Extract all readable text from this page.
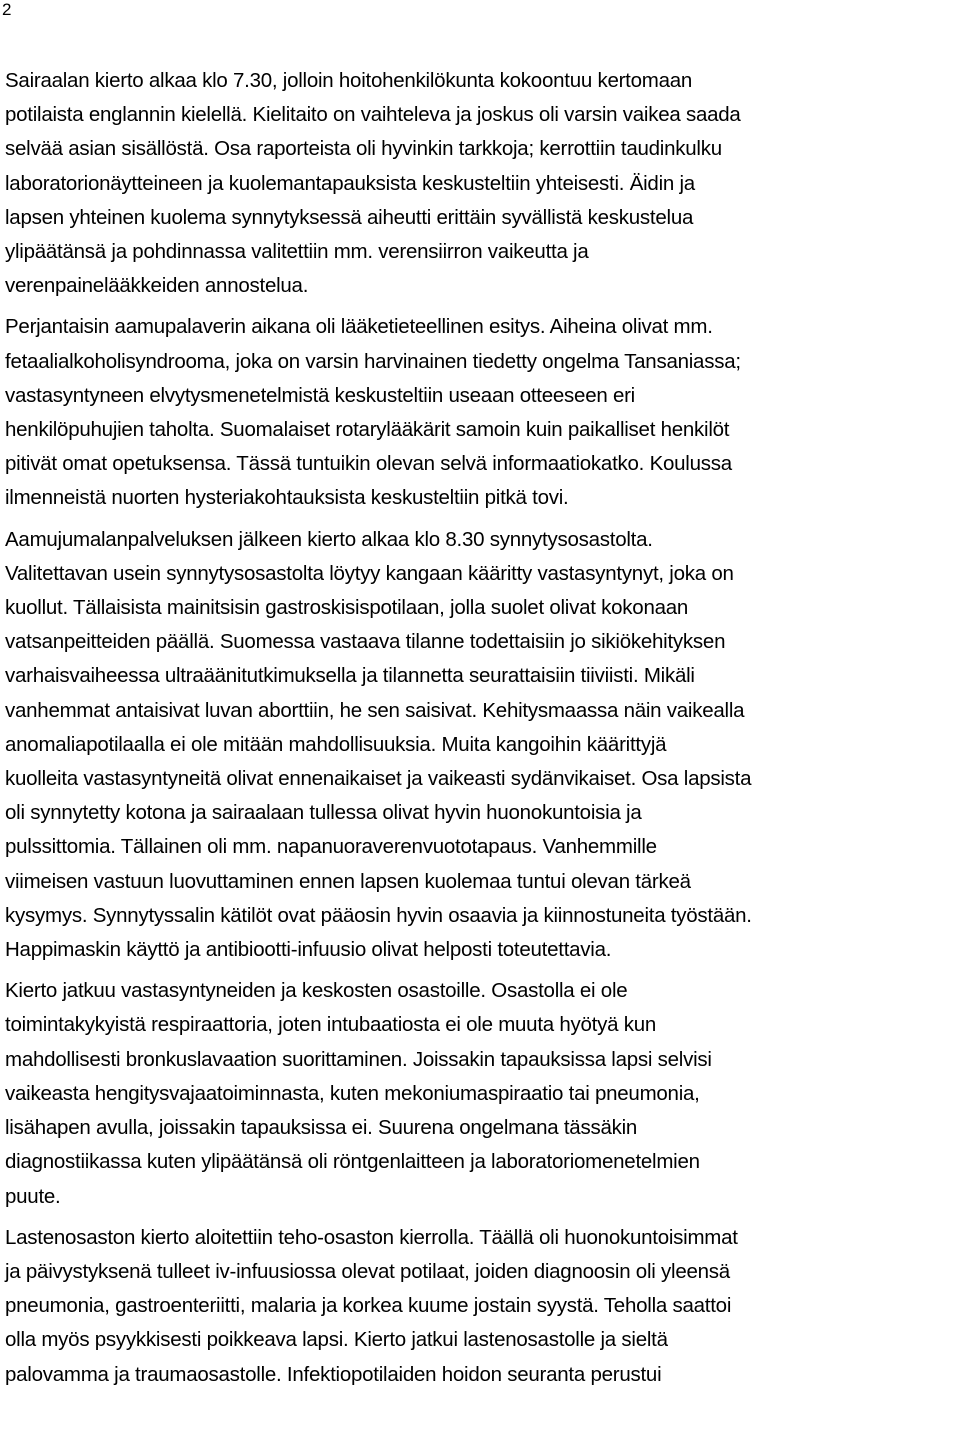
2

Sairaalan kierto alkaa klo 7.30, jolloin hoitohenkilökunta kokoontuu kertomaan
potilaista englannin kielellä. Kielitaito on vaihteleva ja joskus oli varsin vaikea saada
selvää asian sisällöstä. Osa raporteista oli hyvinkin tarkkoja; kerrottiin taudinkulku
laboratorionäytteineen ja kuolemantapauksista keskusteltiin yhteisesti. Äidin ja
lapsen yhteinen kuolema synnytyksessä aiheutti erittäin syvällistä keskustelua
ylipäätänsä ja pohdinnassa valitettiin mm. verensiirron vaikeutta ja
verenpainelääkkeiden annostelua.

Perjantaisin aamupalaverin aikana oli lääketieteellinen esitys. Aiheina olivat mm.
fetaalialkoholisyndrooma, joka on varsin harvinainen tiedetty ongelma Tansaniassa;
vastasyntyneen elvytysmenetelmistä keskusteltiin useaan otteeseen eri
henkilöpuhujien taholta. Suomalaiset rotarylääkärit samoin kuin paikalliset henkilöt
pitivät omat opetuksensa. Tässä tuntuikin olevan selvä informaatiokatko. Koulussa
ilmenneistä nuorten hysteriakohtauksista keskusteltiin pitkä tovi.

Aamujumalanpalveluksen jälkeen kierto alkaa klo 8.30 synnytysosastolta.
Valitettavan usein synnytysosastolta löytyy kangaan kääritty vastasyntynyt, joka on
kuollut. Tällaisista mainitsisin gastroskisispotilaan, jolla suolet olivat kokonaan
vatsanpeitteiden päällä. Suomessa vastaava tilanne todettaisiin jo sikiökehityksen
varhaisvaiheessa ultraäänitutkimuksella ja tilannetta seurattaisiin tiiviisti. Mikäli
vanhemmat antaisivat luvan aborttiin, he sen saisivat. Kehitysmaassa näin vaikealla
anomaliapotilaalla ei ole mitään mahdollisuuksia. Muita kangoihin käärittyjä
kuolleita vastasyntyneitä olivat ennenaikaiset ja vaikeasti sydänvikaiset. Osa lapsista
oli synnytetty kotona ja sairaalaan tullessa olivat hyvin huonokuntoisia ja
pulssittomia. Tällainen oli mm. napanuoraverenvuototapaus. Vanhemmille
viimeisen vastuun luovuttaminen ennen lapsen kuolemaa tuntui olevan tärkeä
kysymys. Synnytyssalin kätilöt ovat pääosin hyvin osaavia ja kiinnostuneita työstään.
Happimaskin käyttö ja antibiootti-infuusio olivat helposti toteutettavia.

Kierto jatkuu vastasyntyneiden ja keskosten osastoille. Osastolla ei ole
toimintakykyistä respiraattoria, joten intubaatiosta ei ole muuta hyötyä kun
mahdollisesti bronkuslavaation suorittaminen. Joissakin tapauksissa lapsi selvisi
vaikeasta hengitysvajaatoiminnasta, kuten mekoniumaspiraatio tai pneumonia,
lisähapen avulla, joissakin tapauksissa ei. Suurena ongelmana tässäkin
diagnostiikassa kuten ylipäätänsä oli röntgenlaitteen ja laboratoriomenetelmien
puute.

Lastenosaston kierto aloitettiin teho-osaston kierrolla. Täällä oli huonokuntoisimmat
ja päivystyksenä tulleet iv-infuusiossa olevat potilaat, joiden diagnoosin oli yleensä
pneumonia, gastroenteriitti, malaria ja korkea kuume jostain syystä. Teholla saattoi
olla myös psyykkisesti poikkeava lapsi. Kierto jatkui lastenosastolle ja sieltä
palovamma ja traumaosastolle. Infektiopotilaiden hoidon seuranta perustui
